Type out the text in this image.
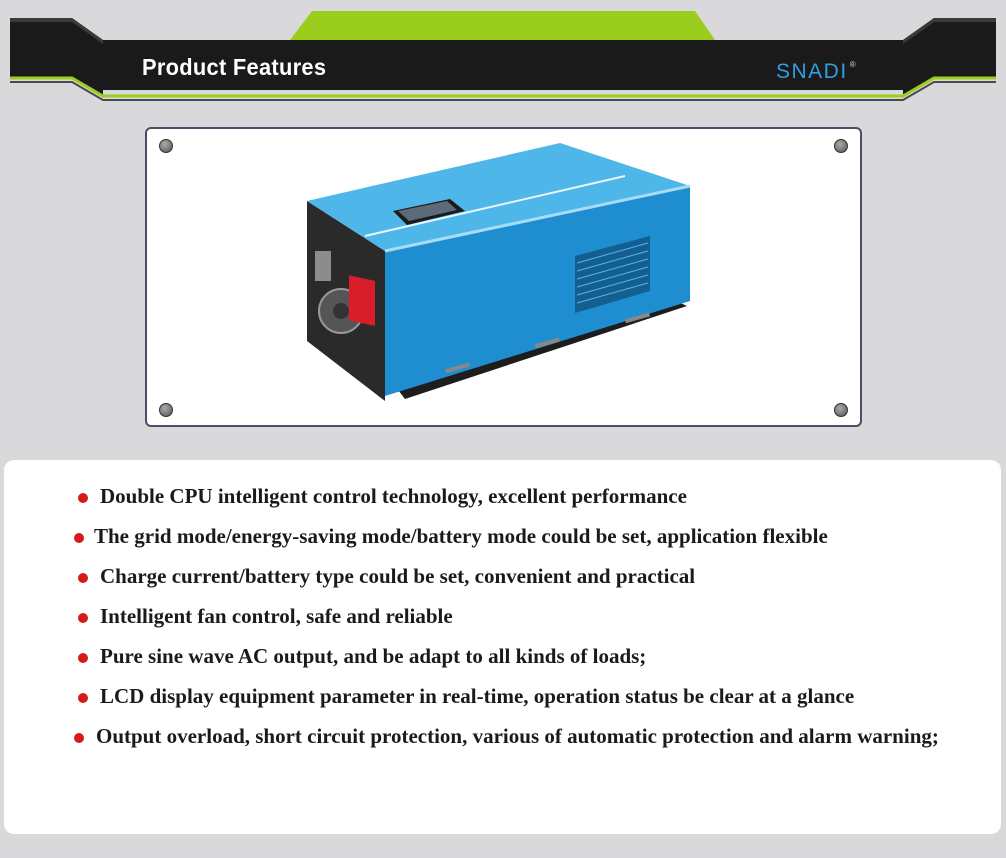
Product Features	SNADI ®
Double CPU intelligent control technology, excellent performance
The grid mode/energy-saving mode/battery mode could be set, application flexible
Charge current/battery type could be set, convenient and practical
Intelligent fan control, safe and reliable
Pure sine wave AC output, and be adapt to all kinds of loads;
LCD display equipment parameter in real-time, operation status be clear at a glance
Output overload, short circuit protection, various of automatic protection and alarm warning;
